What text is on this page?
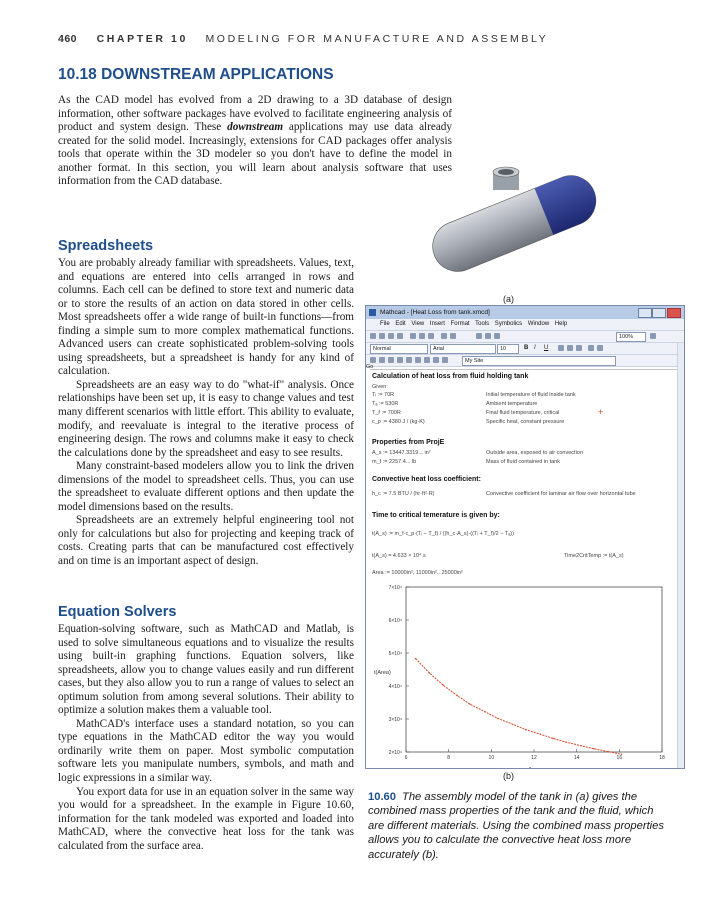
460 CHAPTER 10 MODELING FOR MANUFACTURE AND ASSEMBLY
10.18 DOWNSTREAM APPLICATIONS

As the CAD model has evolved from a 2D drawing to a 3D database of design information, other software packages have evolved to facilitate engineering analysis of product and system design. These downstream applications may use data already created for the solid model. Increasingly, extensions for CAD packages offer analysis tools that operate within the 3D modeler so you don't have to define the model in another format. In this section, you will learn about analysis software that uses information from the CAD database.

(a)
Spreadsheets

You are probably already familiar with spreadsheets. Values, text, and equations are entered into cells arranged in rows and columns. Each cell can be defined to store text and numeric data or to store the results of an action on data stored in other cells. Most spreadsheets offer a wide range of built-in functions—from finding a simple sum to more complex mathematical functions. Advanced users can create sophisticated problem-solving tools using spreadsheets, but a spreadsheet is handy for any kind of calculation.

Spreadsheets are an easy way to do "what-if" analysis. Once relationships have been set up, it is easy to change values and test many different scenarios with little effort. This ability to evaluate, modify, and reevaluate is integral to the iterative process of engineering design. The rows and columns make it easy to check the calculations done by the spreadsheet and easy to see results.

Many constraint-based modelers allow you to link the driven dimensions of the model to spreadsheet cells. Thus, you can use the spreadsheet to evaluate different options and then update the model dimensions based on the results.

Spreadsheets are an extremely helpful engineering tool not only for calculations but also for projecting and keeping track of costs. Creating parts that can be manufactured cost effectively and on time is an important aspect of design.

Equation Solvers

Equation-solving software, such as MathCAD and Matlab, is used to solve simultaneous equations and to visualize the results using built-in graphing functions. Equation solvers, like spreadsheets, allow you to change values easily and run different cases, but they also allow you to run a range of values to select an optimum solution from among several solutions. Their ability to optimize a solution makes them a valuable tool.

MathCAD's interface uses a standard notation, so you can type equations in the MathCAD editor the way you would ordinarily write them on paper. Most symbolic computation software lets you manipulate numbers, symbols, and math and logic expressions in a similar way.

You export data for use in an equation solver in the same way you would for a spreadsheet. In the example in Figure 10.60, information for the tank modeled was exported and loaded into MathCAD, where the convective heat loss for the tank was calculated from the surface area.

Mathcad - [Heat Loss from tank.xmcd]
File Edit View Insert Format Tools Symbolics Window Help
100%
Normal	Arial	10	B I	U
My Site
Go
Calculation of heat loss from fluid holding tank
Given:
Tᵢ := 70R	Initial temperature of fluid inside tank
Tₐ := 530R	Ambient temperature
T_f := 700R	Final fluid temperature, critical	+
c_p := 4380 J / (kg·K)	Specific heat, constant pressure
Properties from ProjE
A_s := 13447.3319... in²	Outside area, exposed to air convection
m_f := 2257.4... lb	Mass of fluid contained in tank
Convective heat loss coefficient:
h_c := 7.5 BTU / (hr·ft²·R)	Convective coefficient for laminar air flow over horizontal tube
Time to critical temerature is given by:
t(A_s) := m_f·c_p·(Tᵢ − T_f) / ((h_c·A_s)·((Tᵢ + T_f)/2 − Tₐ))
t(A_s) = 4.633 × 10⁴ s	Time2CritTemp := t(A_s)
Area := 10000in², 11000in².. 25000in²
6	8	10	12	14	16	18
2×10⁴
3×10⁴
4×10⁴
5×10⁴
6×10⁴
7×10⁴
Area
t(Area)
(b)
10.60 The assembly model of the tank in (a) gives the combined mass properties of the tank and the fluid, which are different materials. Using the combined mass properties allows you to calculate the convective heat loss more accurately (b).
